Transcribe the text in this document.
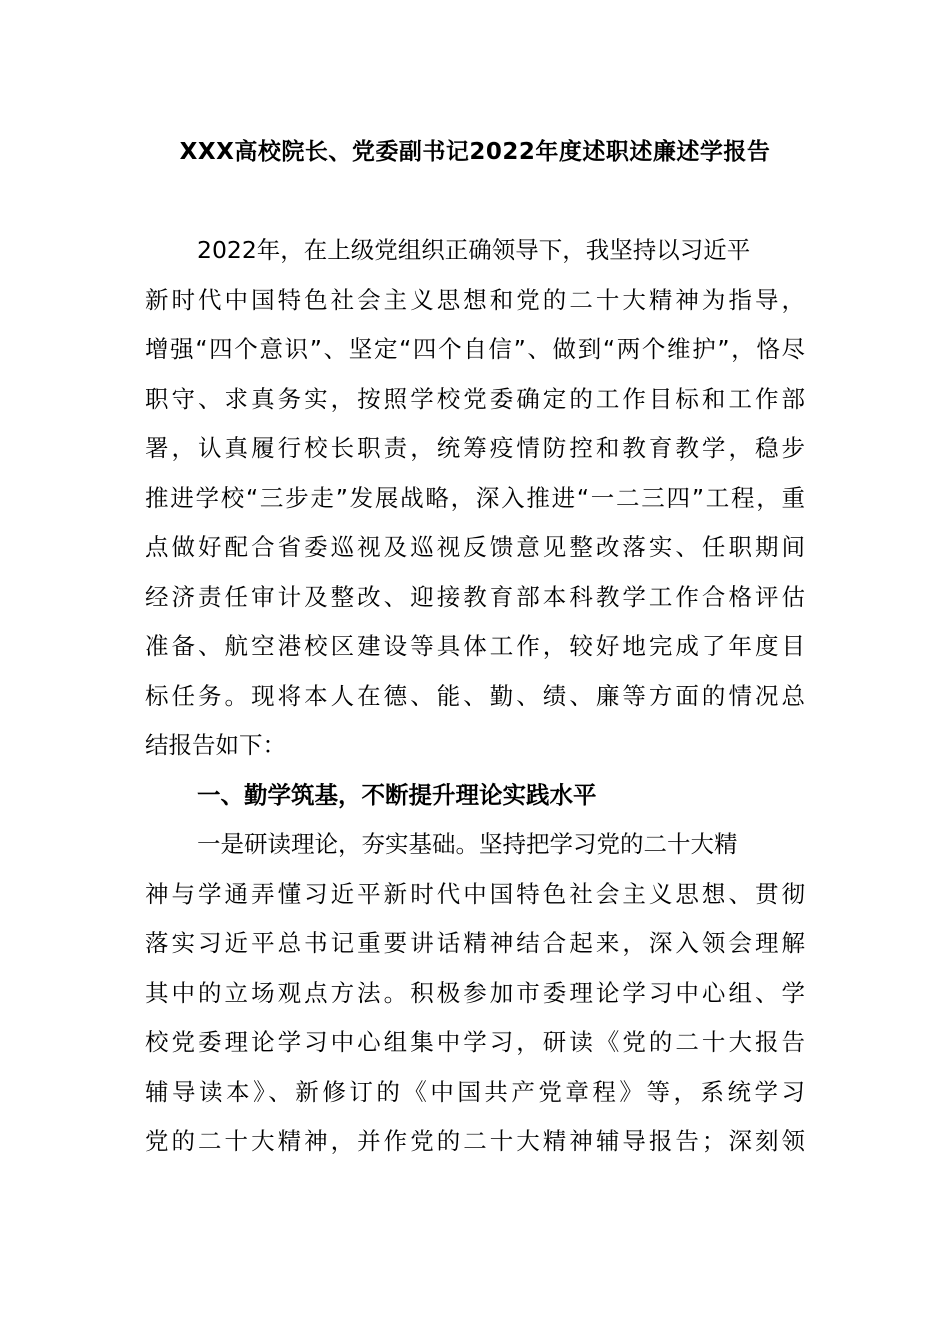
XXX高校院长、党委副书记2022年度述职述廉述学报告
2022年，在上级党组织正确领导下，我坚持以习近平
新时代中国特色社会主义思想和党的二十大精神为指导，
增强“四个意识”、坚定“四个自信”、做到“两个维护”，恪尽
职守、求真务实，按照学校党委确定的工作目标和工作部
署，认真履行校长职责，统筹疫情防控和教育教学，稳步
推进学校“三步走”发展战略，深入推进“一二三四”工程，重
点做好配合省委巡视及巡视反馈意见整改落实、任职期间
经济责任审计及整改、迎接教育部本科教学工作合格评估
准备、航空港校区建设等具体工作，较好地完成了年度目
标任务。现将本人在德、能、勤、绩、廉等方面的情况总
结报告如下：
一、勤学筑基，不断提升理论实践水平
一是研读理论，夯实基础。坚持把学习党的二十大精
神与学通弄懂习近平新时代中国特色社会主义思想、贯彻
落实习近平总书记重要讲话精神结合起来，深入领会理解
其中的立场观点方法。积极参加市委理论学习中心组、学
校党委理论学习中心组集中学习，研读《党的二十大报告
辅导读本》、新修订的《中国共产党章程》等，系统学习
党的二十大精神，并作党的二十大精神辅导报告；深刻领
